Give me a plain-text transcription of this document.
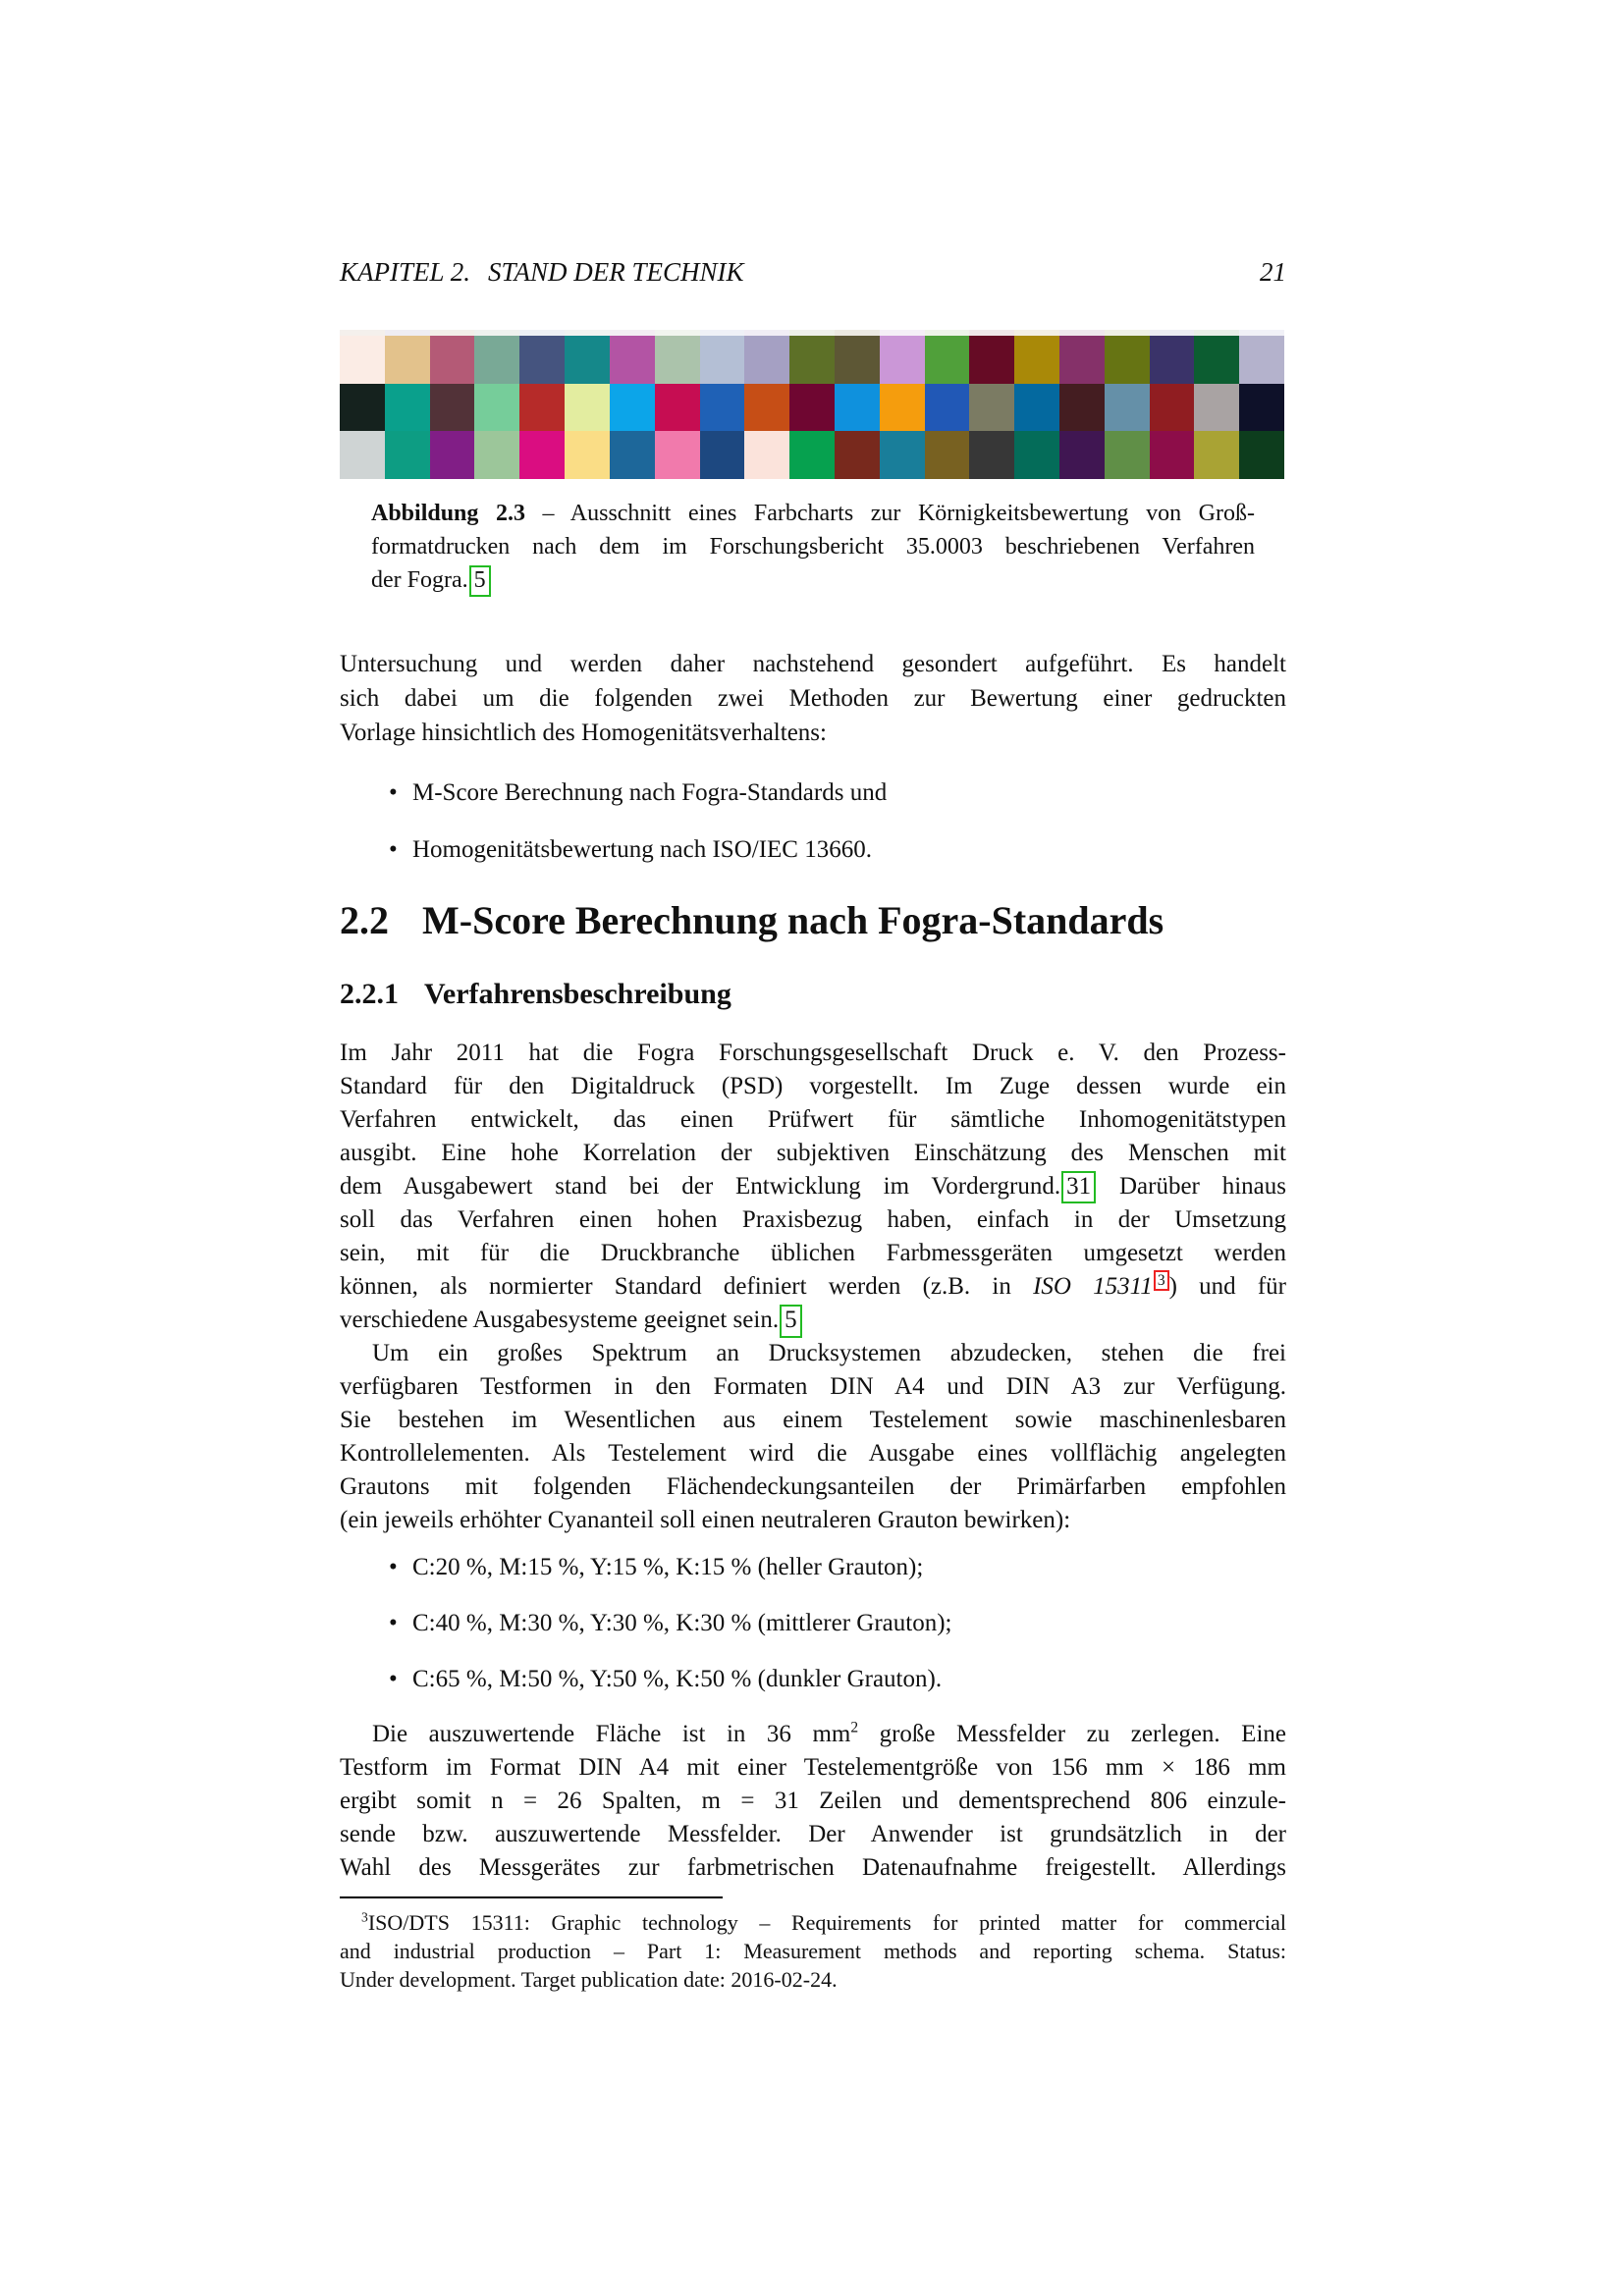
KAPITEL 2. STAND DER TECHNIK	21
Abbildung 2.3 – Ausschnitt eines Farbcharts zur Körnigkeitsbewertung von Groß-
formatdrucken nach dem im Forschungsbericht 35.0003 beschriebenen Verfahren
der Fogra. 5
Untersuchung und werden daher nachstehend gesondert aufgeführt. Es handelt
sich dabei um die folgenden zwei Methoden zur Bewertung einer gedruckten
Vorlage hinsichtlich des Homogenitätsverhaltens:
• M-Score Berechnung nach Fogra-Standards und
• Homogenitätsbewertung nach ISO/IEC 13660.
2.2 M-Score Berechnung nach Fogra-Standards
2.2.1 Verfahrensbeschreibung
Im Jahr 2011 hat die Fogra Forschungsgesellschaft Druck e. V. den Prozess-
Standard für den Digitaldruck (PSD) vorgestellt. Im Zuge dessen wurde ein
Verfahren entwickelt, das einen Prüfwert für sämtliche Inhomogenitätstypen
ausgibt. Eine hohe Korrelation der subjektiven Einschätzung des Menschen mit
dem Ausgabewert stand bei der Entwicklung im Vordergrund. 31 Darüber hinaus
soll das Verfahren einen hohen Praxisbezug haben, einfach in der Umsetzung
sein, mit für die Druckbranche üblichen Farbmessgeräten umgesetzt werden
können, als normierter Standard definiert werden (z.B. in ISO 15311 $^3$ ) und für
verschiedene Ausgabesysteme geeignet sein. 5
Um ein großes Spektrum an Drucksystemen abzudecken, stehen die frei
verfügbaren Testformen in den Formaten DIN A4 und DIN A3 zur Verfügung.
Sie bestehen im Wesentlichen aus einem Testelement sowie maschinenlesbaren
Kontrollelementen. Als Testelement wird die Ausgabe eines vollflächig angelegten
Grautons mit folgenden Flächendeckungsanteilen der Primärfarben empfohlen
(ein jeweils erhöhter Cyananteil soll einen neutraleren Grauton bewirken):
• C:20 %, M:15 %, Y:15 %, K:15 % (heller Grauton);
• C:40 %, M:30 %, Y:30 %, K:30 % (mittlerer Grauton);
• C:65 %, M:50 %, Y:50 %, K:50 % (dunkler Grauton).
Die auszuwertende Fläche ist in 36 $mm^2$ große Messfelder zu zerlegen. Eine
Testform im Format DIN A4 mit einer Testelementgröße von 156 mm × 186 mm
ergibt somit n = 26 Spalten, m = 31 Zeilen und dementsprechend 806 einzule-
sende bzw. auszuwertende Messfelder. Der Anwender ist grundsätzlich in der
Wahl des Messgerätes zur farbmetrischen Datenaufnahme freigestellt. Allerdings
$^3$ISO/DTS 15311: Graphic technology – Requirements for printed matter for commercial
and industrial production – Part 1: Measurement methods and reporting schema. Status:
Under development. Target publication date: 2016-02-24.
